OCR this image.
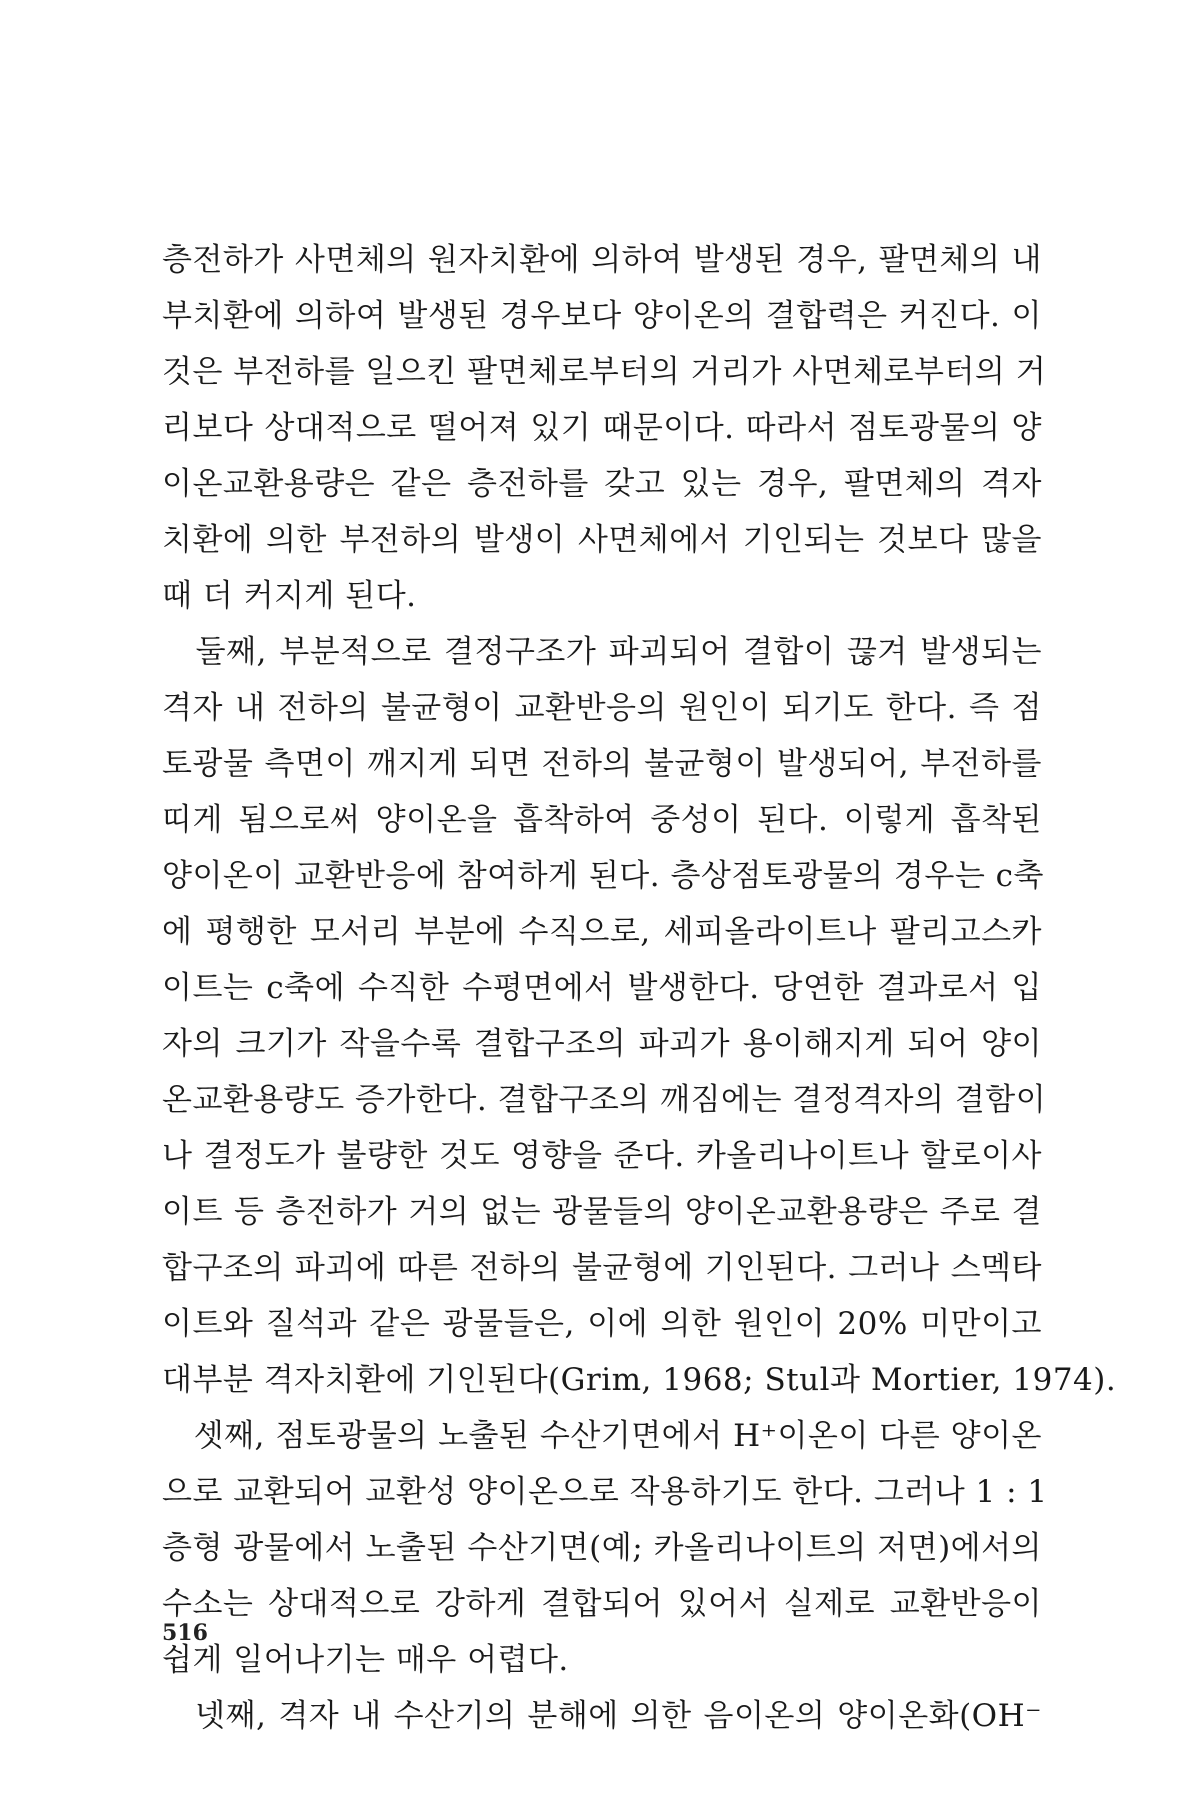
층전하가 사면체의 원자치환에 의하여 발생된 경우, 팔면체의 내
부치환에 의하여 발생된 경우보다 양이온의 결합력은 커진다. 이
것은 부전하를 일으킨 팔면체로부터의 거리가 사면체로부터의 거
리보다 상대적으로 떨어져 있기 때문이다. 따라서 점토광물의 양
이온교환용량은 같은 층전하를 갖고 있는 경우, 팔면체의 격자
치환에 의한 부전하의 발생이 사면체에서 기인되는 것보다 많을
때 더 커지게 된다.
　둘째, 부분적으로 결정구조가 파괴되어 결합이 끊겨 발생되는
격자 내 전하의 불균형이 교환반응의 원인이 되기도 한다. 즉 점
토광물 측면이 깨지게 되면 전하의 불균형이 발생되어, 부전하를
띠게 됨으로써 양이온을 흡착하여 중성이 된다. 이렇게 흡착된
양이온이 교환반응에 참여하게 된다. 층상점토광물의 경우는 c축
에 평행한 모서리 부분에 수직으로, 세피올라이트나 팔리고스카
이트는 c축에 수직한 수평면에서 발생한다. 당연한 결과로서 입
자의 크기가 작을수록 결합구조의 파괴가 용이해지게 되어 양이
온교환용량도 증가한다. 결합구조의 깨짐에는 결정격자의 결함이
나 결정도가 불량한 것도 영향을 준다. 카올리나이트나 할로이사
이트 등 층전하가 거의 없는 광물들의 양이온교환용량은 주로 결
합구조의 파괴에 따른 전하의 불균형에 기인된다. 그러나 스멕타
이트와 질석과 같은 광물들은, 이에 의한 원인이 20% 미만이고
대부분 격자치환에 기인된다(Grim, 1968; Stul과 Mortier, 1974).
　셋째, 점토광물의 노출된 수산기면에서 H⁺이온이 다른 양이온
으로 교환되어 교환성 양이온으로 작용하기도 한다. 그러나 1 : 1
층형 광물에서 노출된 수산기면(예; 카올리나이트의 저면)에서의
수소는 상대적으로 강하게 결합되어 있어서 실제로 교환반응이
쉽게 일어나기는 매우 어렵다.
　넷째, 격자 내 수산기의 분해에 의한 음이온의 양이온화(OH⁻
516
